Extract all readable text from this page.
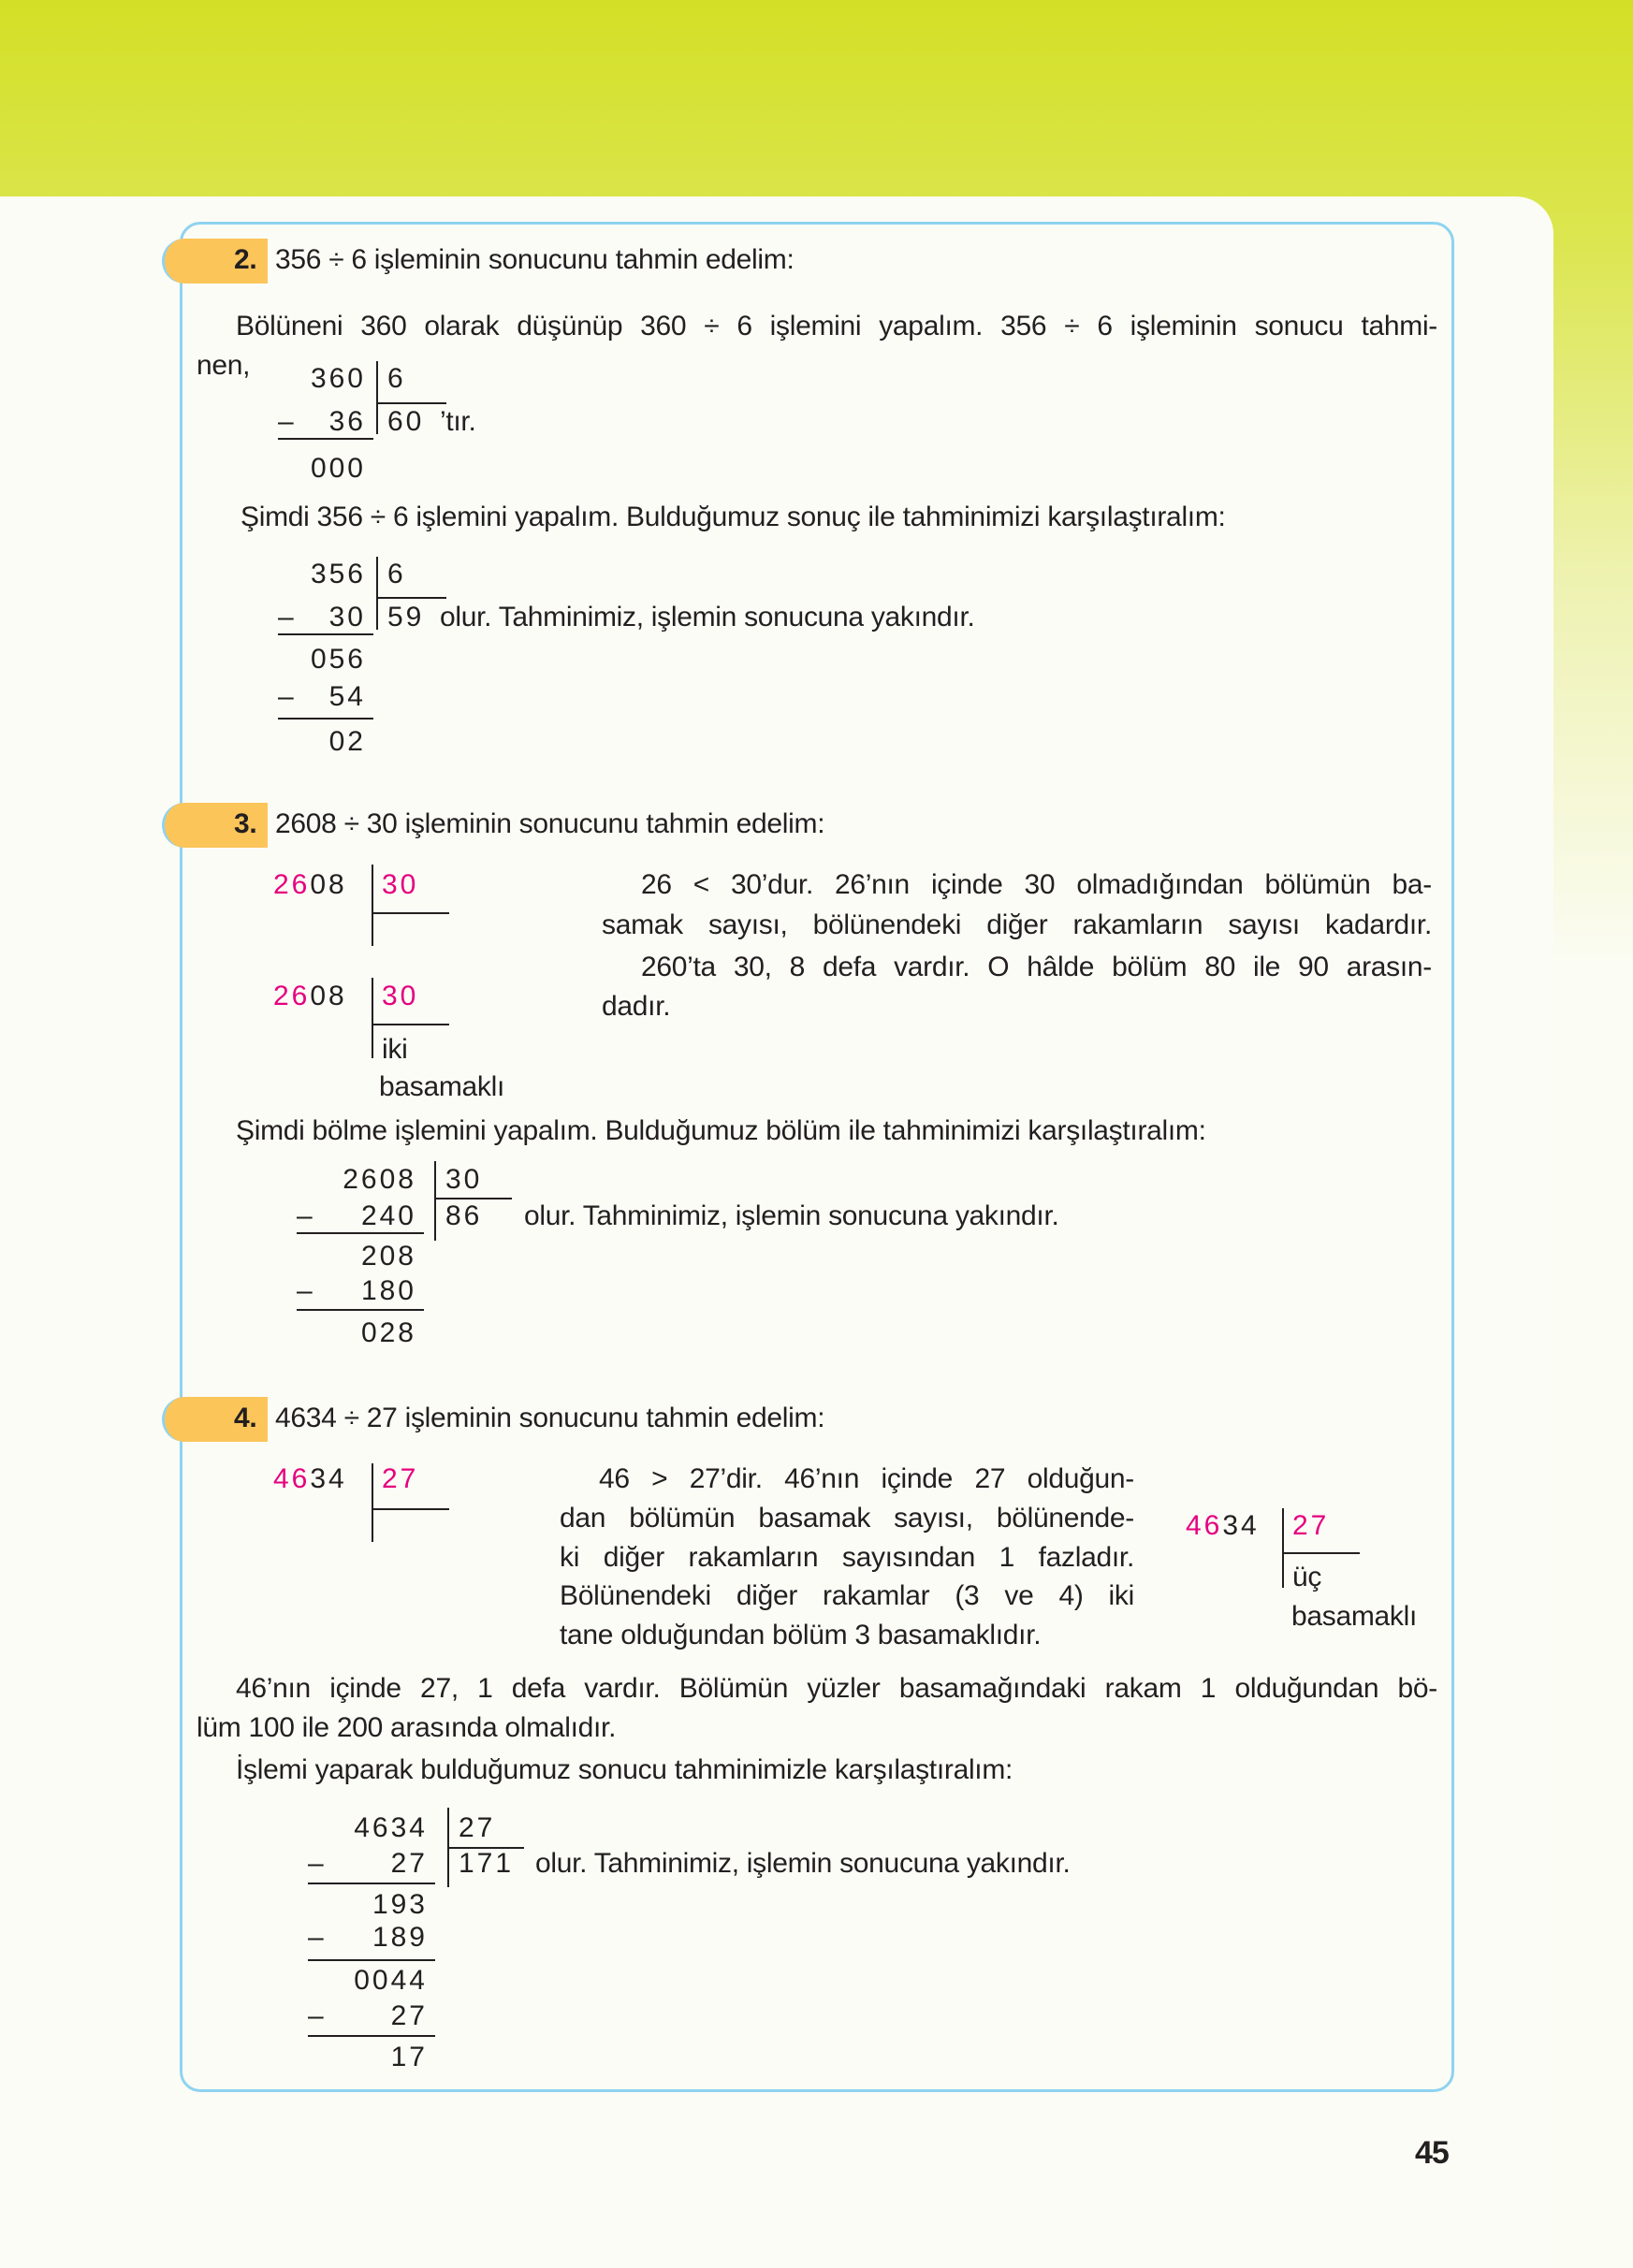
2. 356 ÷ 6 işleminin sonucunu tahmin edelim:
Bölüneni 360 olarak düşünüp 360 ÷ 6 işlemini yapalım. 356 ÷ 6 işleminin sonucu tahmi-
nen,
Şimdi 356 ÷ 6 işlemini yapalım. Bulduğumuz sonuç ile tahminimizi karşılaştıralım:
3. 2608 ÷ 30 işleminin sonucunu tahmin edelim:
26 < 30’dur. 26’nın içinde 30 olmadığından bölümün ba-
samak sayısı, bölünendeki diğer rakamların sayısı kadardır.
260’ta 30, 8 defa vardır. O hâlde bölüm 80 ile 90 arasın-
dadır.
Şimdi bölme işlemini yapalım. Bulduğumuz bölüm ile tahminimizi karşılaştıralım:
4. 4634 ÷ 27 işleminin sonucunu tahmin edelim:
46 > 27’dir. 46’nın içinde 27 olduğun-
dan bölümün basamak sayısı, bölünende-
ki diğer rakamların sayısından 1 fazladır.
Bölünendeki diğer rakamlar (3 ve 4) iki
tane olduğundan bölüm 3 basamaklıdır.
46’nın içinde 27, 1 defa vardır. Bölümün yüzler basamağındaki rakam 1 olduğundan bö-
lüm 100 ile 200 arasında olmalıdır.
İşlemi yaparak bulduğumuz sonucu tahminimizle karşılaştıralım:
45
360
– 36
000
6
60 ’tır.
356
– 30
056
– 54
02
6
59 olur. Tahminimiz, işlemin sonucuna yakındır.
2608 30
2608 30
iki
basamaklı
2608
– 240
208
– 180
028
30
86 olur. Tahminimiz, işlemin sonucuna yakındır.
4634 27
4634 27
üç
basamaklı
4634
– 27
193
– 189
0044
– 27
17
27
171 olur. Tahminimiz, işlemin sonucuna yakındır.
